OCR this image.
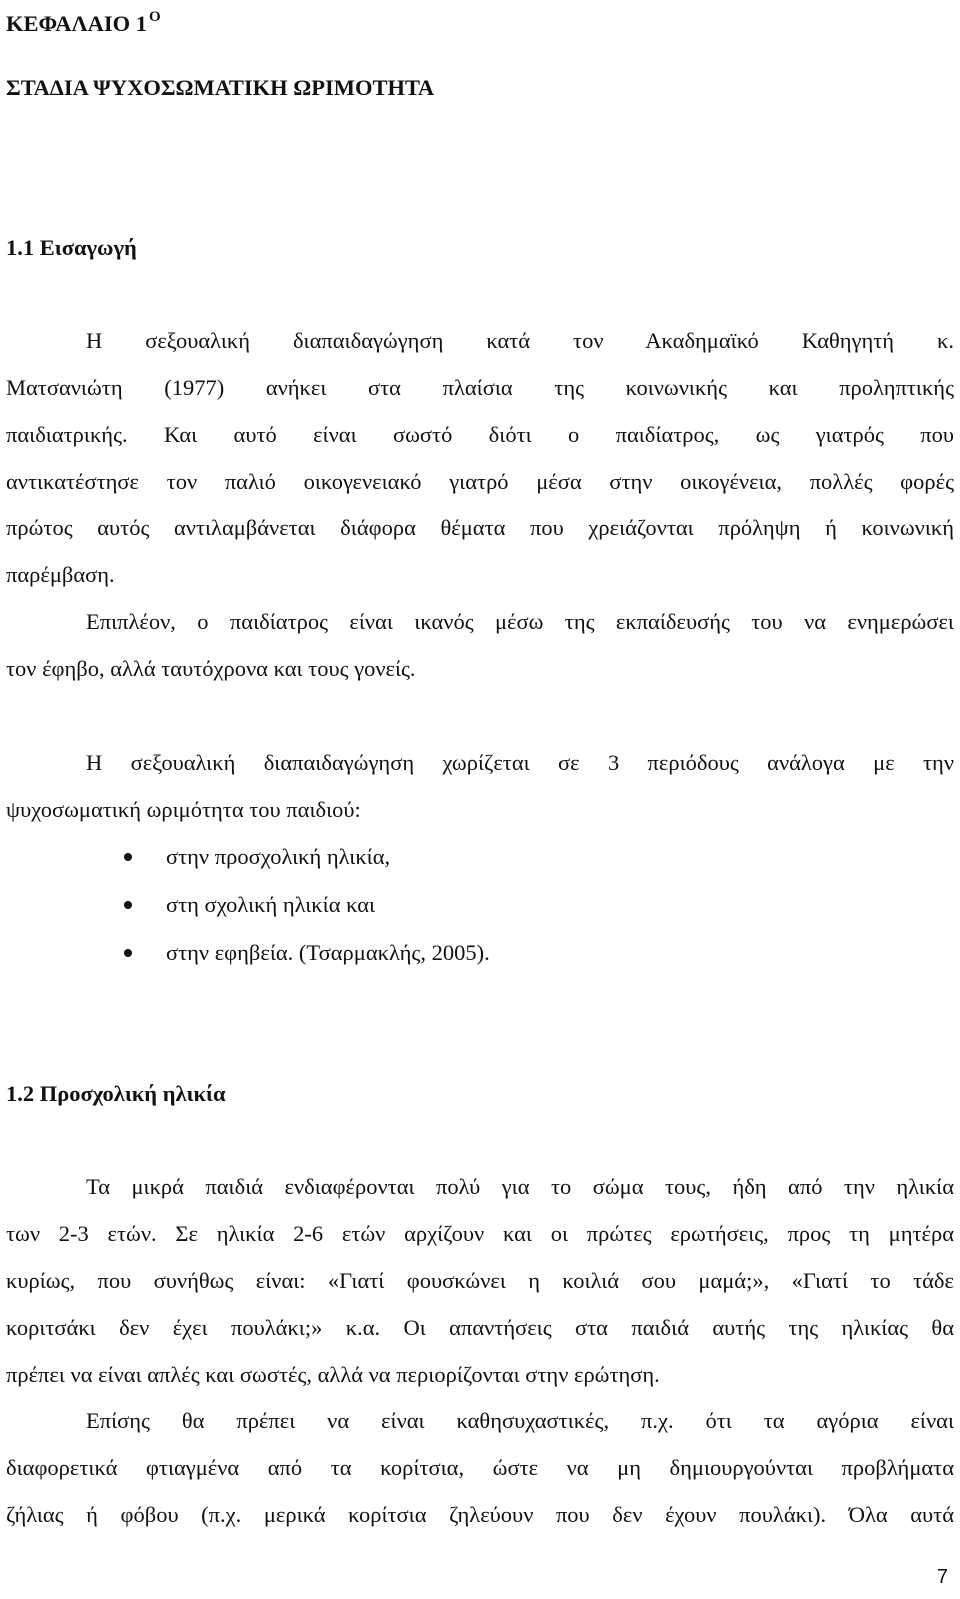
ΚΕΦΑΛΑΙΟ 1 $^O$
ΣΤΑΔΙΑ ΨΥΧΟΣΩΜΑΤΙΚΗ ΩΡΙΜΟΤΗΤΑ
1.1 Εισαγωγή
Η σεξουαλική διαπαιδαγώγηση κατά τον Ακαδημαϊκό Καθηγητή κ.
Ματσανιώτη (1977) ανήκει στα πλαίσια της κοινωνικής και προληπτικής
παιδιατρικής. Και αυτό είναι σωστό διότι ο παιδίατρος, ως γιατρός που
αντικατέστησε τον παλιό οικογενειακό γιατρό μέσα στην οικογένεια, πολλές φορές
πρώτος αυτός αντιλαμβάνεται διάφορα θέματα που χρειάζονται πρόληψη ή κοινωνική
παρέμβαση.
Επιπλέον, ο παιδίατρος είναι ικανός μέσω της εκπαίδευσής του να ενημερώσει
τον έφηβο, αλλά ταυτόχρονα και τους γονείς.
Η σεξουαλική διαπαιδαγώγηση χωρίζεται σε 3 περιόδους ανάλογα με την
ψυχοσωματική ωριμότητα του παιδιού:
στην προσχολική ηλικία,
στη σχολική ηλικία και
στην εφηβεία. (Τσαρμακλής, 2005).
1.2 Προσχολική ηλικία
Τα μικρά παιδιά ενδιαφέρονται πολύ για το σώμα τους, ήδη από την ηλικία
των 2-3 ετών. Σε ηλικία 2-6 ετών αρχίζουν και οι πρώτες ερωτήσεις, προς τη μητέρα
κυρίως, που συνήθως είναι: «Γιατί φουσκώνει η κοιλιά σου μαμά;», «Γιατί το τάδε
κοριτσάκι δεν έχει πουλάκι;» κ.α. Οι απαντήσεις στα παιδιά αυτής της ηλικίας θα
πρέπει να είναι απλές και σωστές, αλλά να περιορίζονται στην ερώτηση.
Επίσης θα πρέπει να είναι καθησυχαστικές, π.χ. ότι τα αγόρια είναι
διαφορετικά φτιαγμένα από τα κορίτσια, ώστε να μη δημιουργούνται προβλήματα
ζήλιας ή φόβου (π.χ. μερικά κορίτσια ζηλεύουν που δεν έχουν πουλάκι). Όλα αυτά
7
